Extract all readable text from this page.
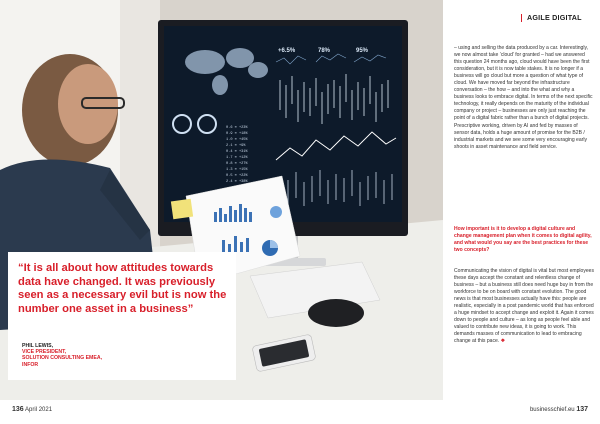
+6.5%	78%	95%
0.6 ≡ +23%
0.9 ≡ +18%
1.0 ≡ +45%
2.1 ≡ +9%
0.4 ≡ +31%
1.7 ≡ +12%
0.8 ≡ +27%
1.3 ≡ +15%
0.5 ≡ +22%
2.4 ≡ +38%

“It is all about how attitudes towards data have changed. It was previously seen as a necessary evil but is now the number one asset in a business”

PHIL LEWIS,
VICE PRESIDENT,
SOLUTION CONSULTING EMEA,
INFOR
AGILE DIGITAL

– using and selling the data produced by a car. Interestingly, we now almost take ‘cloud’ for granted – had we answered this question 24 months ago, cloud would have been the first consideration, but it is now table stakes. It is no longer if a business will go cloud but more a question of what type of cloud. We have moved far beyond the infrastructure conversation – the how – and into the what and why a business looks to embrace digital. In terms of the next specific technology, it really depends on the maturity of the individual company or project – businesses are only just reaching the point of a digital fabric rather than a bunch of digital projects. Prescriptive working, driven by AI and fed by masses of sensor data, holds a huge amount of promise for the B2B / industrial markets and we see some very encouraging early shoots in asset maintenance and field service.

How important is it to develop a digital culture and change management plan when it comes to digital agility, and what would you say are the best practices for these two concepts?

Communicating the vision of digital is vital but most employees these days accept the constant and relentless change of business – but a business still does need huge buy in from the workforce to be on board with constant evolution. The good news is that most businesses actually have this: people are realistic, especially in a post pandemic world that has enforced a huge mindset to accept change and exploit it. Again it comes down to people and culture – as long as people feel able and valued to contribute new ideas, it is going to work. This demands masses of communication to lead to embracing change at this pace. ❖

136 April 2021	businesschief.eu 137
